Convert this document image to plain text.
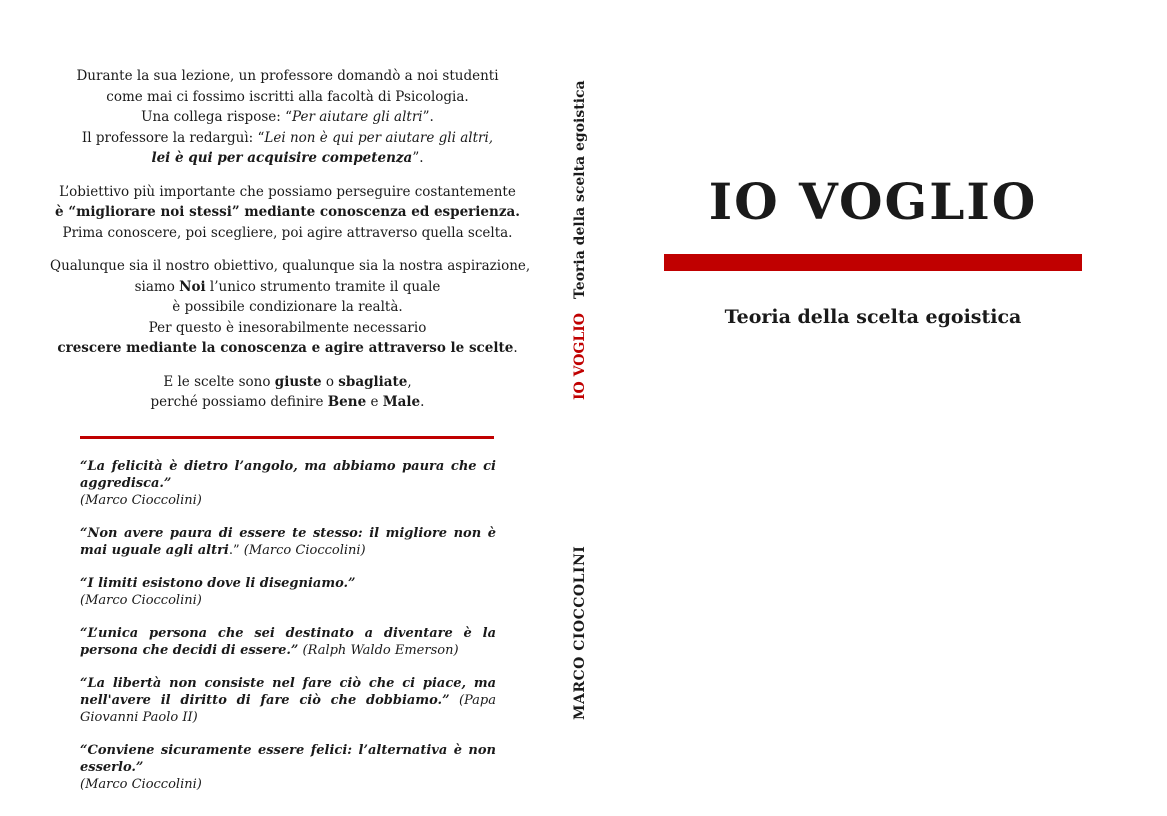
Durante la sua lezione, un professore domandò a noi studenti
come mai ci fossimo iscritti alla facoltà di Psicologia.
Una collega rispose: “Per aiutare gli altri”.
Il professore la redarguì: “Lei non è qui per aiutare gli altri,
lei è qui per acquisire competenza”.

L’obiettivo più importante che possiamo perseguire costantemente
è “migliorare noi stessi” mediante conoscenza ed esperienza.
Prima conoscere, poi scegliere, poi agire attraverso quella scelta.

Qualunque sia il nostro obiettivo, qualunque sia la nostra aspirazione,
siamo Noi l’unico strumento tramite il quale
è possibile condizionare la realtà.
Per questo è inesorabilmente necessario
crescere mediante la conoscenza e agire attraverso le scelte.

E le scelte sono giuste o sbagliate,
perché possiamo definire Bene e Male.

“La felicità è dietro l’angolo, ma abbiamo paura che ci aggredisca.”
(Marco Cioccolini)

“Non avere paura di essere te stesso: il migliore non è mai uguale agli altri.” (Marco Cioccolini)

“I limiti esistono dove li disegniamo.”
(Marco Cioccolini)

“L’unica persona che sei destinato a diventare è la persona che decidi di essere.” (Ralph Waldo Emerson)

“La libertà non consiste nel fare ciò che ci piace, ma nell'avere il diritto di fare ciò che dobbiamo.” (Papa Giovanni Paolo II)

“Conviene sicuramente essere felici: l’alternativa è non esserlo.”
(Marco Cioccolini)

IO VOGLIOTeoria della scelta egoistica
MARCO CIOCCOLINI
IO VOGLIO
Teoria della scelta egoistica
